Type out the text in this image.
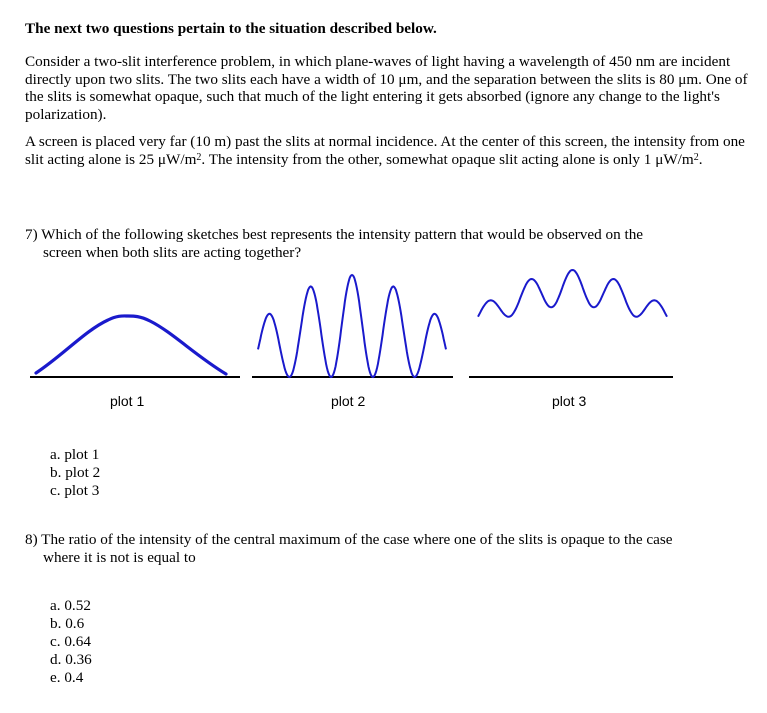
The next two questions pertain to the situation described below.

Consider a two-slit interference problem, in which plane-waves of light having a wavelength of 450 nm are incident directly upon two slits. The two slits each have a width of 10 μm, and the separation between the slits is 80 μm. One of the slits is somewhat opaque, such that much of the light entering it gets absorbed (ignore any change to the light's polarization).

A screen is placed very far (10 m) past the slits at normal incidence. At the center of this screen, the intensity from one slit acting alone is 25 $\mu W/m^2$. The intensity from the other, somewhat opaque slit acting alone is only 1 $\mu W/m^2$.

7) Which of the following sketches best represents the intensity pattern that would be observed on the
screen when both slits are acting together?
plot 1	plot 2	plot 3
a. plot 1
b. plot 2
c. plot 3
8) The ratio of the intensity of the central maximum of the case where one of the slits is opaque to the case
where it is not is equal to
a. 0.52
b. 0.6
c. 0.64
d. 0.36
e. 0.4
